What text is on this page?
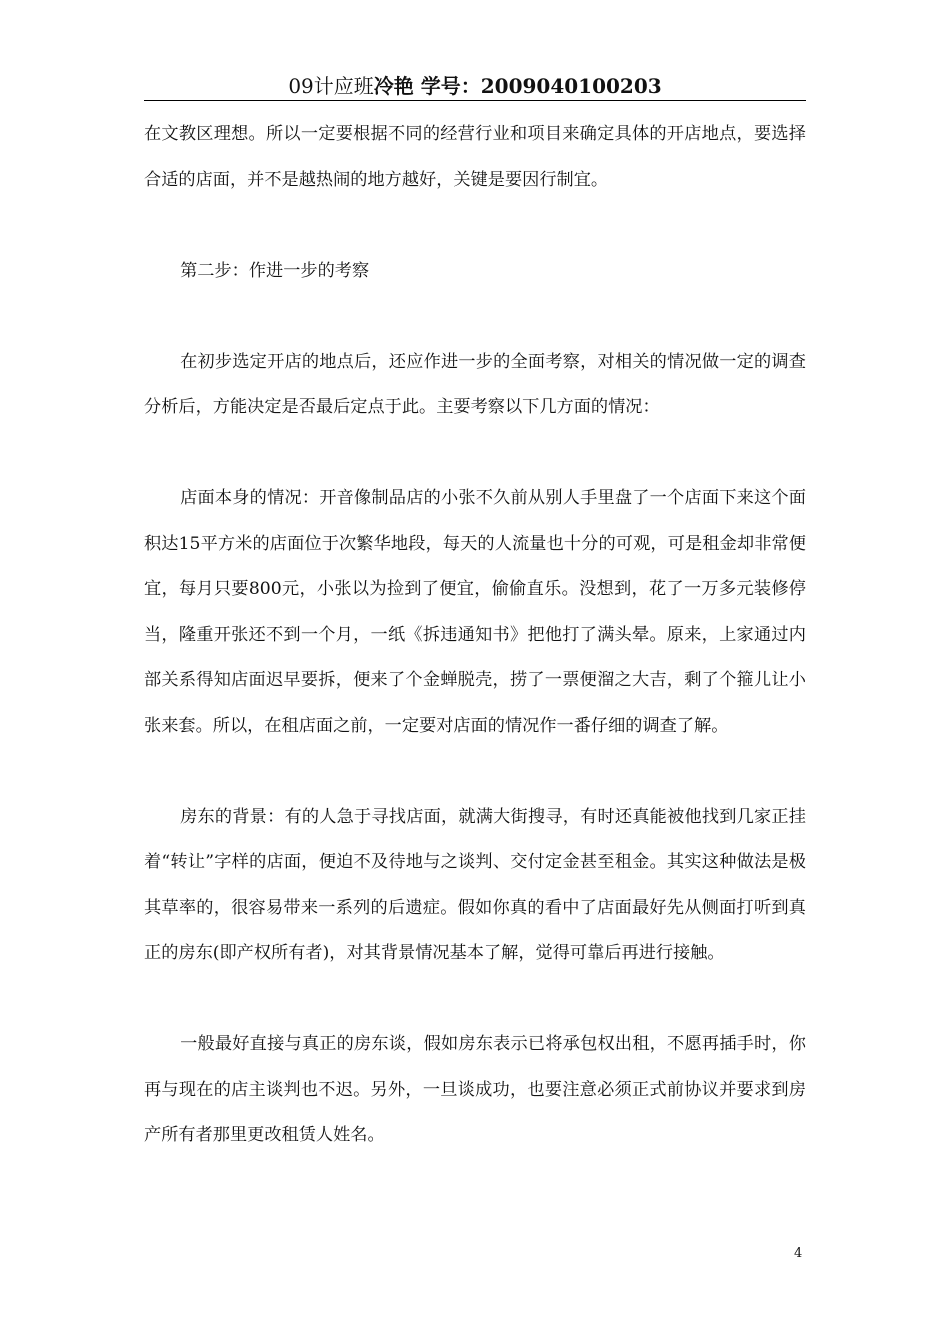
09计应班冷艳 学号：2009040100203

在文教区理想。所以一定要根据不同的经营行业和项目来确定具体的开店地点，要选择合适的店面，并不是越热闹的地方越好，关键是要因行制宜。

第二步：作进一步的考察

在初步选定开店的地点后，还应作进一步的全面考察，对相关的情况做一定的调查分析后，方能决定是否最后定点于此。主要考察以下几方面的情况：

店面本身的情况：开音像制品店的小张不久前从别人手里盘了一个店面下来这个面积达15平方米的店面位于次繁华地段，每天的人流量也十分的可观，可是租金却非常便宜，每月只要800元，小张以为捡到了便宜，偷偷直乐。没想到，花了一万多元装修停当，隆重开张还不到一个月，一纸《拆违通知书》把他打了满头晕。原来，上家通过内部关系得知店面迟早要拆，便来了个金蝉脱壳，捞了一票便溜之大吉，剩了个箍儿让小张来套。所以，在租店面之前，一定要对店面的情况作一番仔细的调查了解。

房东的背景：有的人急于寻找店面，就满大街搜寻，有时还真能被他找到几家正挂着“转让”字样的店面，便迫不及待地与之谈判、交付定金甚至租金。其实这种做法是极其草率的，很容易带来一系列的后遗症。假如你真的看中了店面最好先从侧面打听到真正的房东(即产权所有者)，对其背景情况基本了解，觉得可靠后再进行接触。

一般最好直接与真正的房东谈，假如房东表示已将承包权出租，不愿再插手时，你再与现在的店主谈判也不迟。另外，一旦谈成功，也要注意必须正式前协议并要求到房产所有者那里更改租赁人姓名。

4
